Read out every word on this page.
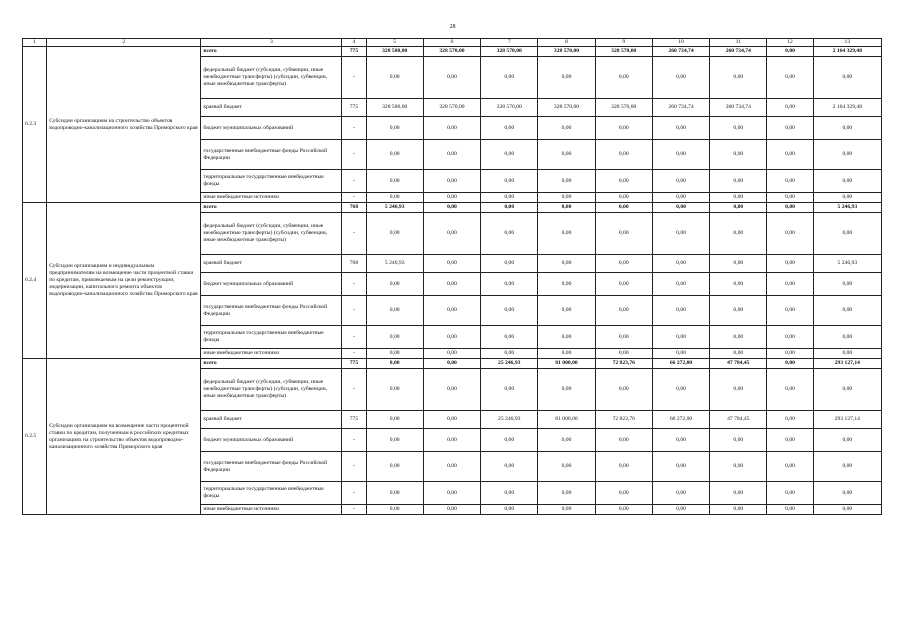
28
1	2	3	4	5	6	7	8	9	10	11	12	13
6.2.3	Субсидии организациям на строительство объектов водопроводно-канализационного хозяйства Приморского края	всего	775	328 580,00	328 570,00	328 570,00	328 570,00	328 570,00	260 734,74	260 734,74	0,00	2 164 329,48
		федеральный бюджет (субсидии, субвенции, иные межбюджетные трансферты) (субсидии, субвенции, иные межбюджетные трансферты)	-	0,00	0,00	0,00	0,00	0,00	0,00	0,00	0,00	0,00
		краевой бюджет	775	328 580,00	328 570,00	328 570,00	328 570,00	328 570,00	260 734,74	260 734,74	0,00	2 164 329,48
		бюджет муниципальных образований	-	0,00	0,00	0,00	0,00	0,00	0,00	0,00	0,00	0,00
		государственные внебюджетные фонды Российской Федерации	-	0,00	0,00	0,00	0,00	0,00	0,00	0,00	0,00	0,00
		территориальные государственные внебюджетные фонды	-	0,00	0,00	0,00	0,00	0,00	0,00	0,00	0,00	0,00
		иные внебюджетные источники	-	0,00	0,00	0,00	0,00	0,00	0,00	0,00	0,00	0,00
6.2.4	Субсидии организациям и индивидуальным предпринимателям на возмещение части процентной ставки по кредитам, привлекаемым на цели реконструкции, модернизации, капитального ремонта объектов водопроводно-канализационного хозяйства Приморского края	всего	768	5 246,93	0,00	0,00	0,00	0,00	0,00	0,00	0,00	5 246,93
		федеральный бюджет (субсидии, субвенции, иные межбюджетные трансферты) (субсидии, субвенции, иные межбюджетные трансферты)	-	0,00	0,00	0,00	0,00	0,00	0,00	0,00	0,00	0,00
		краевой бюджет	768	5 246,93	0,00	0,00	0,00	0,00	0,00	0,00	0,00	5 246,93
		бюджет муниципальных образований	-	0,00	0,00	0,00	0,00	0,00	0,00	0,00	0,00	0,00
		государственные внебюджетные фонды Российской Федерации	-	0,00	0,00	0,00	0,00	0,00	0,00	0,00	0,00	0,00
		территориальные государственные внебюджетные фонды	-	0,00	0,00	0,00	0,00	0,00	0,00	0,00	0,00	0,00
		иные внебюджетные источники	-	0,00	0,00	0,00	0,00	0,00	0,00	0,00	0,00	0,00
6.2.5	Субсидии организациям на возмещение части процентной ставки по кредитам, полученным в российских кредитных организациях на строительство объектов водопроводно-канализационного хозяйства Приморского края	всего	775	0,00	0,00	25 246,93	81 000,00	72 823,76	66 272,00	47 784,45	0,00	293 127,14
		федеральный бюджет (субсидии, субвенции, иные межбюджетные трансферты) (субсидии, субвенции, иные межбюджетные трансферты)	-	0,00	0,00	0,00	0,00	0,00	0,00	0,00	0,00	0,00
		краевой бюджет	775	0,00	0,00	25 246,93	81 000,00	72 823,76	66 272,00	47 784,45	0,00	293 127,14
		бюджет муниципальных образований	-	0,00	0,00	0,00	0,00	0,00	0,00	0,00	0,00	0,00
		государственные внебюджетные фонды Российской Федерации	-	0,00	0,00	0,00	0,00	0,00	0,00	0,00	0,00	0,00
		территориальные государственные внебюджетные фонды	-	0,00	0,00	0,00	0,00	0,00	0,00	0,00	0,00	0,00
		иные внебюджетные источники	-	0,00	0,00	0,00	0,00	0,00	0,00	0,00	0,00	0,00
